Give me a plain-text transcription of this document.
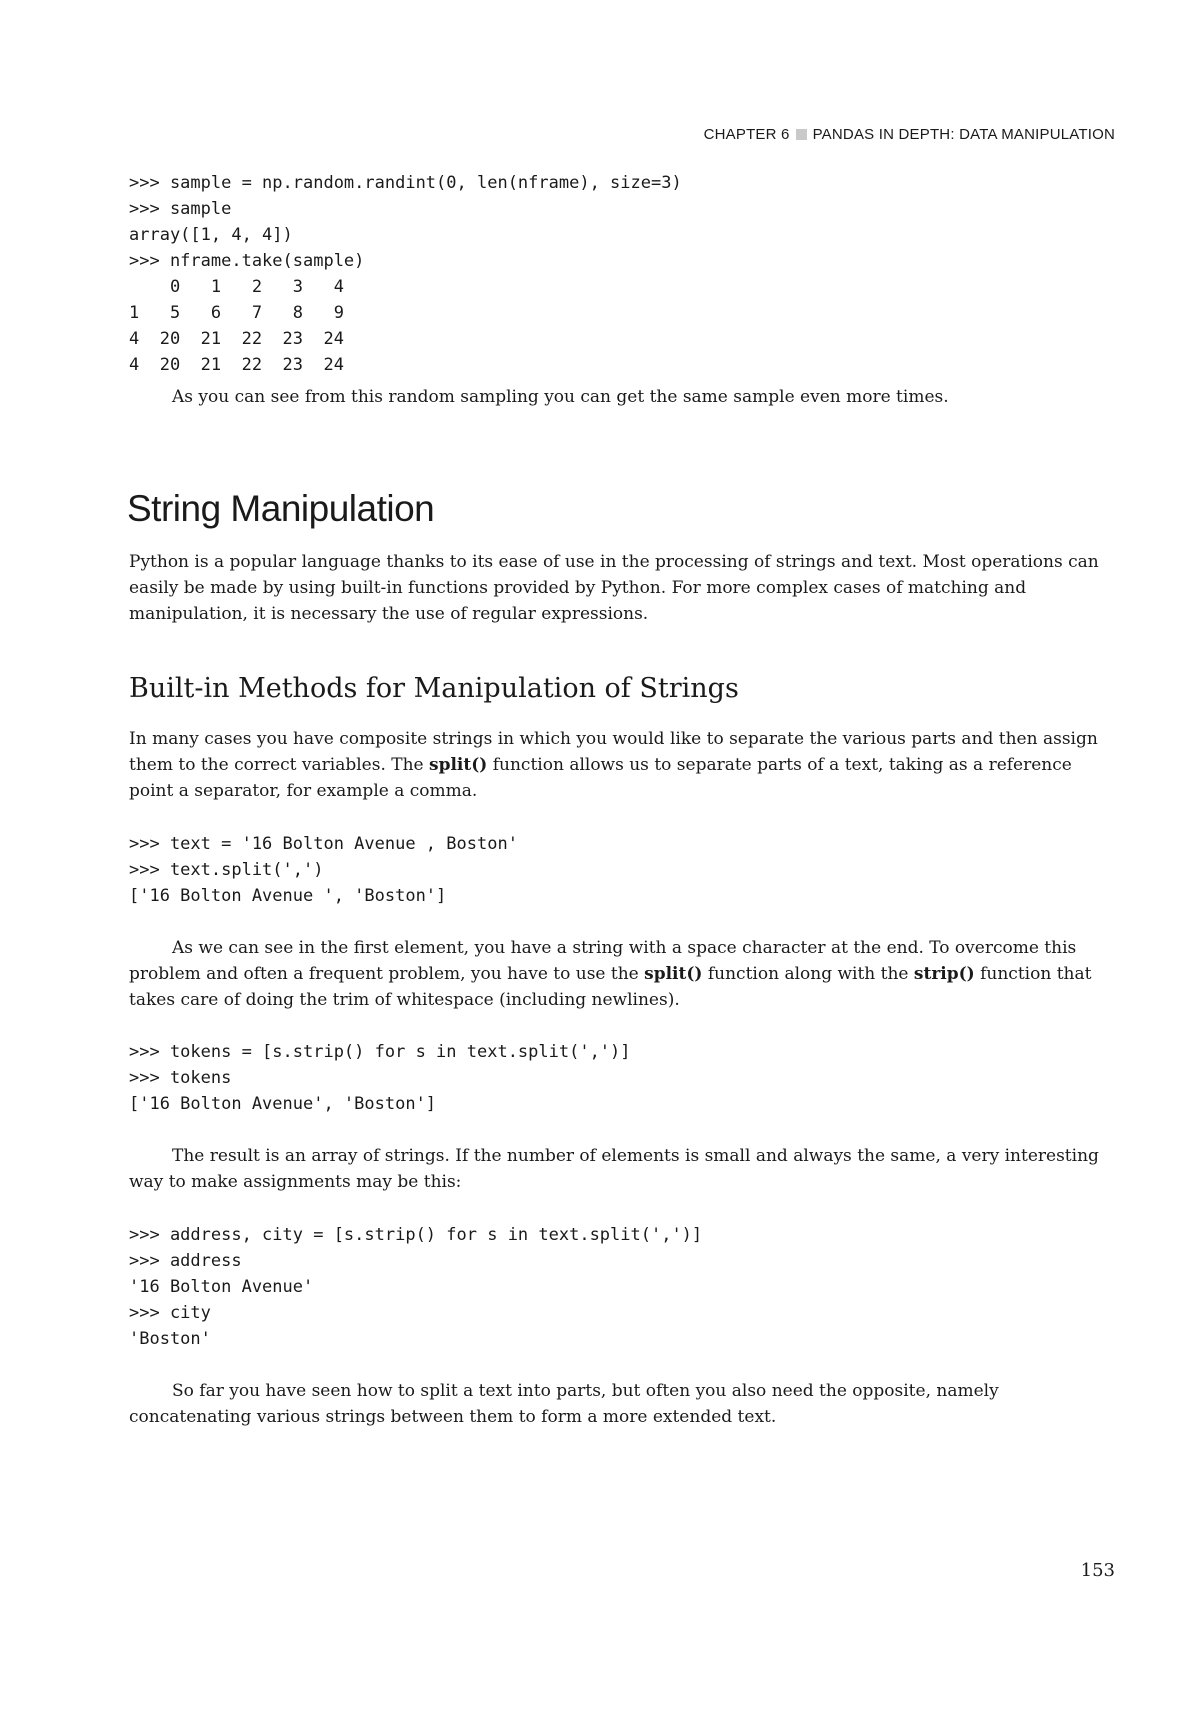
CHAPTER 6 PANDAS IN DEPTH: DATA MANIPULATION
>>> sample = np.random.randint(0, len(nframe), size=3)
>>> sample
array([1, 4, 4])
>>> nframe.take(sample)
0   1   2   3   4
1   5   6   7   8   9
4  20  21  22  23  24
4  20  21  22  23  24

As you can see from this random sampling you can get the same sample even more times.

String Manipulation

Python is a popular language thanks to its ease of use in the processing of strings and text. Most operations can easily be made by using built-in functions provided by Python. For more complex cases of matching and manipulation, it is necessary the use of regular expressions.

Built-in Methods for Manipulation of Strings

In many cases you have composite strings in which you would like to separate the various parts and then assign them to the correct variables. The split() function allows us to separate parts of a text, taking as a reference point a separator, for example a comma.

>>> text = '16 Bolton Avenue , Boston'
>>> text.split(',')
['16 Bolton Avenue ', 'Boston']

As we can see in the first element, you have a string with a space character at the end. To overcome this problem and often a frequent problem, you have to use the split() function along with the strip() function that takes care of doing the trim of whitespace (including newlines).

>>> tokens = [s.strip() for s in text.split(',')]
>>> tokens
['16 Bolton Avenue', 'Boston']

The result is an array of strings. If the number of elements is small and always the same, a very interesting way to make assignments may be this:

>>> address, city = [s.strip() for s in text.split(',')]
>>> address
'16 Bolton Avenue'
>>> city
'Boston'

So far you have seen how to split a text into parts, but often you also need the opposite, namely concatenating various strings between them to form a more extended text.

153
